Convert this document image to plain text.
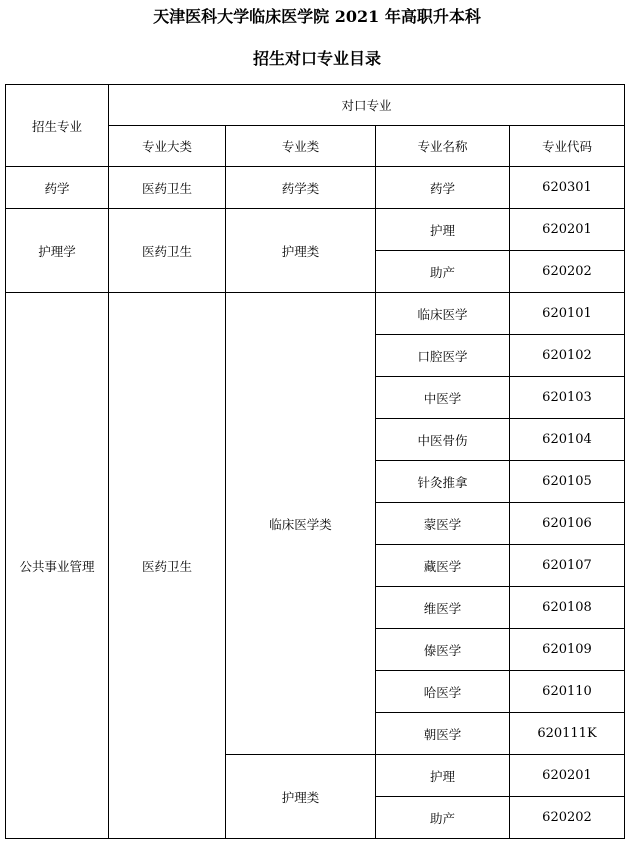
天津医科大学临床医学院 2021 年高职升本科
招生对口专业目录
招生专业	对口专业			
	专业大类	专业类	专业名称	专业代码
药学	医药卫生	药学类	药学	620301
护理学	医药卫生	护理类	护理	620201
			助产	620202
公共事业管理	医药卫生	临床医学类	临床医学	620101
			口腔医学	620102
			中医学	620103
			中医骨伤	620104
			针灸推拿	620105
			蒙医学	620106
			藏医学	620107
			维医学	620108
			傣医学	620109
			哈医学	620110
			朝医学	620111K
		护理类	护理	620201
			助产	620202
